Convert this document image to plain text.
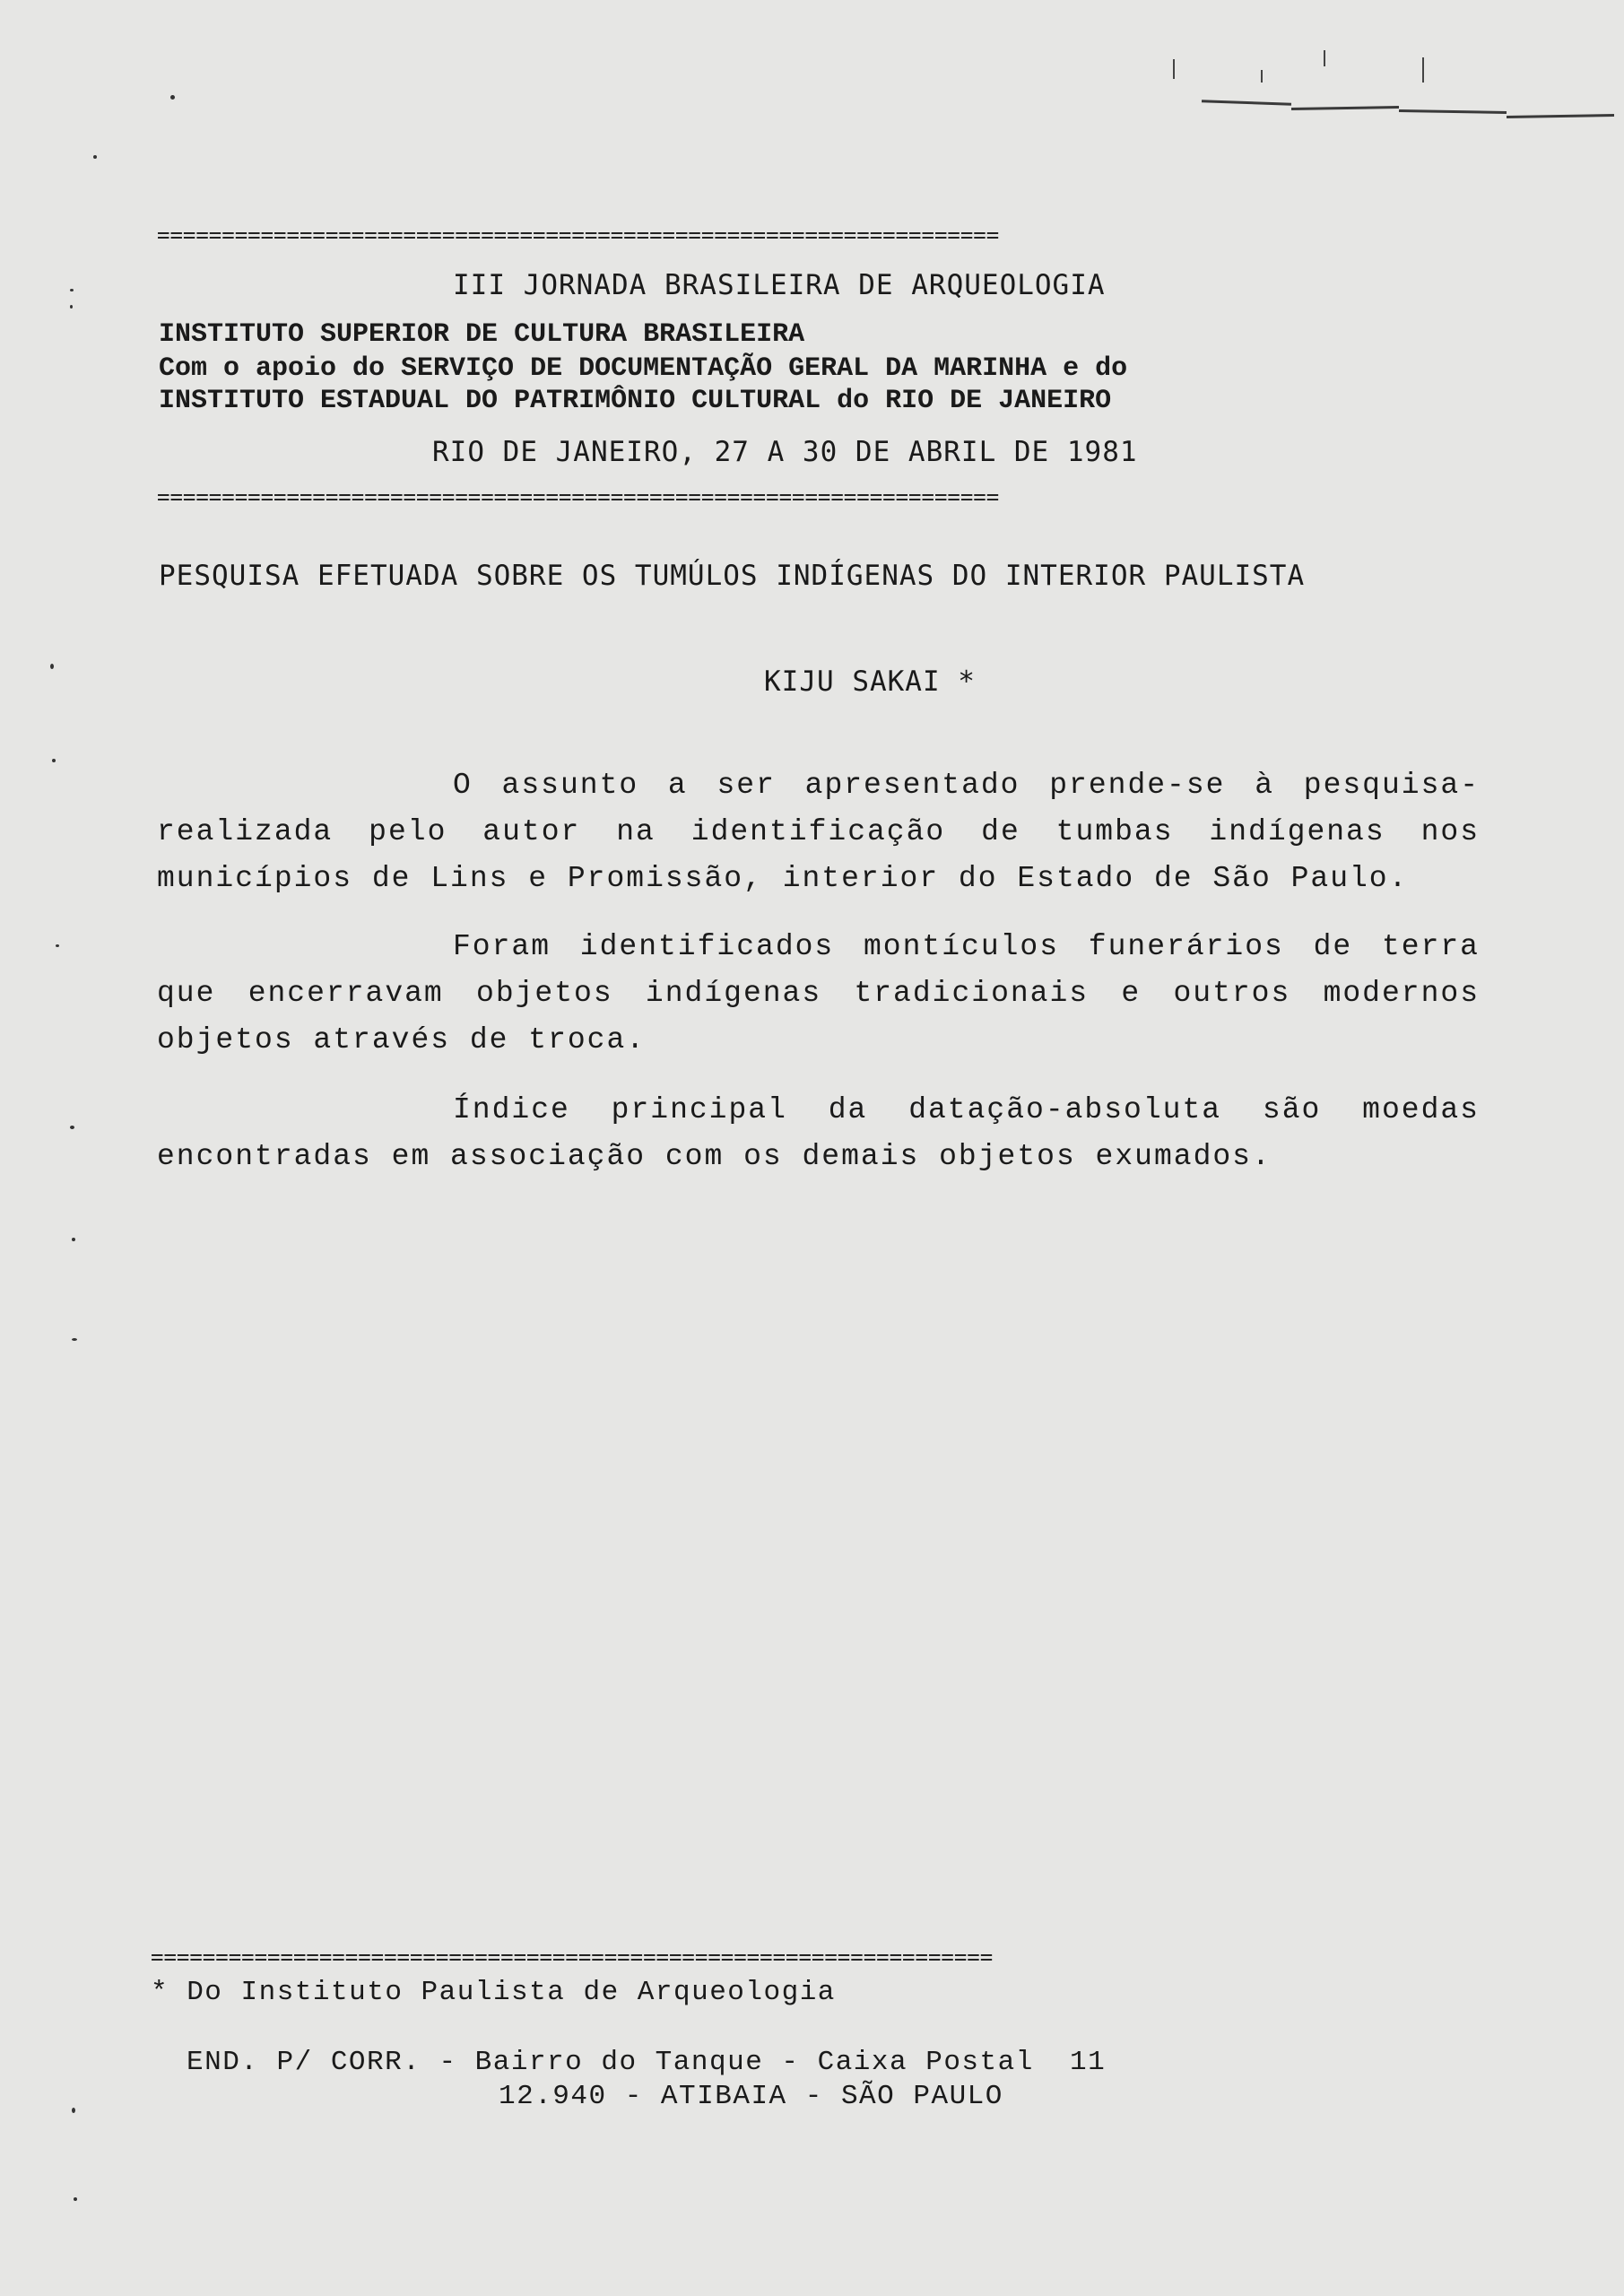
=================================================================
III JORNADA BRASILEIRA DE ARQUEOLOGIA
INSTITUTO SUPERIOR DE CULTURA BRASILEIRA
Com o apoio do SERVIÇO DE DOCUMENTAÇÃO GERAL DA MARINHA e do
INSTITUTO ESTADUAL DO PATRIMÔNIO CULTURAL do RIO DE JANEIRO
RIO DE JANEIRO, 27 A 30 DE ABRIL DE 1981
=================================================================
PESQUISA EFETUADA SOBRE OS TUMÚLOS INDÍGENAS DO INTERIOR PAULISTA
KIJU SAKAI *
O assunto a ser apresentado prende-se à pesquisa-realizada pelo autor na identificação de tumbas indígenas nos municípios de Lins e Promissão, interior do Estado de São Paulo.
Foram identificados montículos funerários de terra que encerravam objetos indígenas tradicionais e outros modernos objetos através de troca.
Índice principal da datação-absoluta são moedas encontradas em associação com os demais objetos exumados.
=================================================================
* Do Instituto Paulista de Arqueologia
END. P/ CORR. - Bairro do Tanque - Caixa Postal  11
12.940 - ATIBAIA - SÃO PAULO
